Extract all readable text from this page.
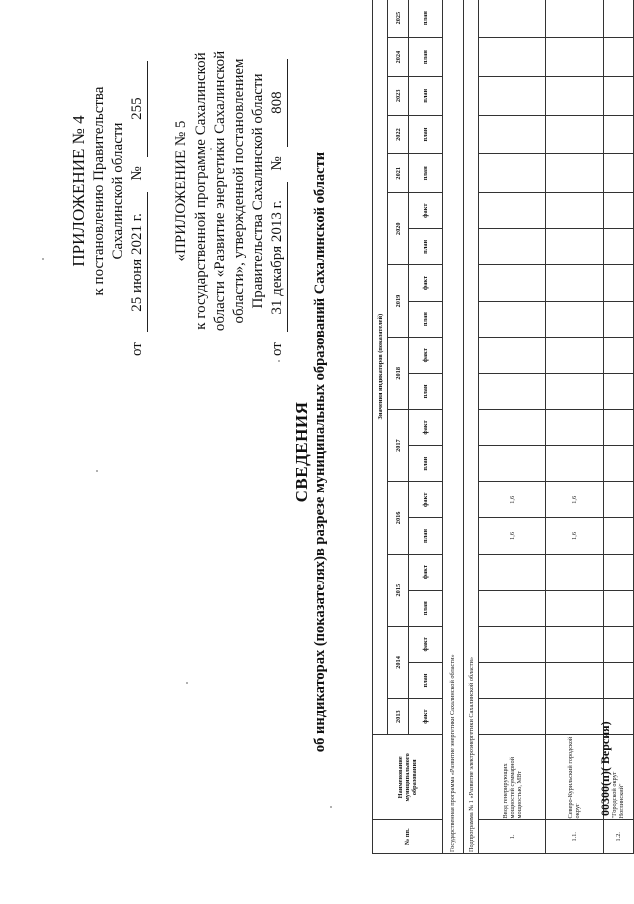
ПРИЛОЖЕНИЕ № 4 к постановлению Правительства Сахалинской области
от 25 июня 2021 г. № 255
«ПРИЛОЖЕНИЕ № 5 к государственной программе Сахалинской области «Развитие энергетики Сахалинской области», утвержденной постановлением Правительства Сахалинской области
от 31 декабря 2013 г. № 808
СВЕДЕНИЯ об индикаторах (показателях)в разрезе муниципальных образований Сахалинской области
№ пп.	Наименование муниципального образования	Значения индикаторов (показателей)																			
		2013	2014		2015		2016		2017		2018		2019		2020		2021	2022	2023	2024	2025
		факт	план	факт	план	факт	план	факт	план	факт	план	факт	план	факт	план	факт	план	план	план	план	план
Государственная программа «Развитие энергетики Сахалинской области»																					
Подпрограмма № 1 «Развитие электроэнергетики Сахалинской области»																					
1.	Ввод генерирующих мощностей суммарной мощностью, МВт						1,6	1,6													
1.1.	Северо-Курильский городской округ						1,6	1,6													
1.2.	"Городской округ Ноглинский"																				
00300(п)( Версия)
